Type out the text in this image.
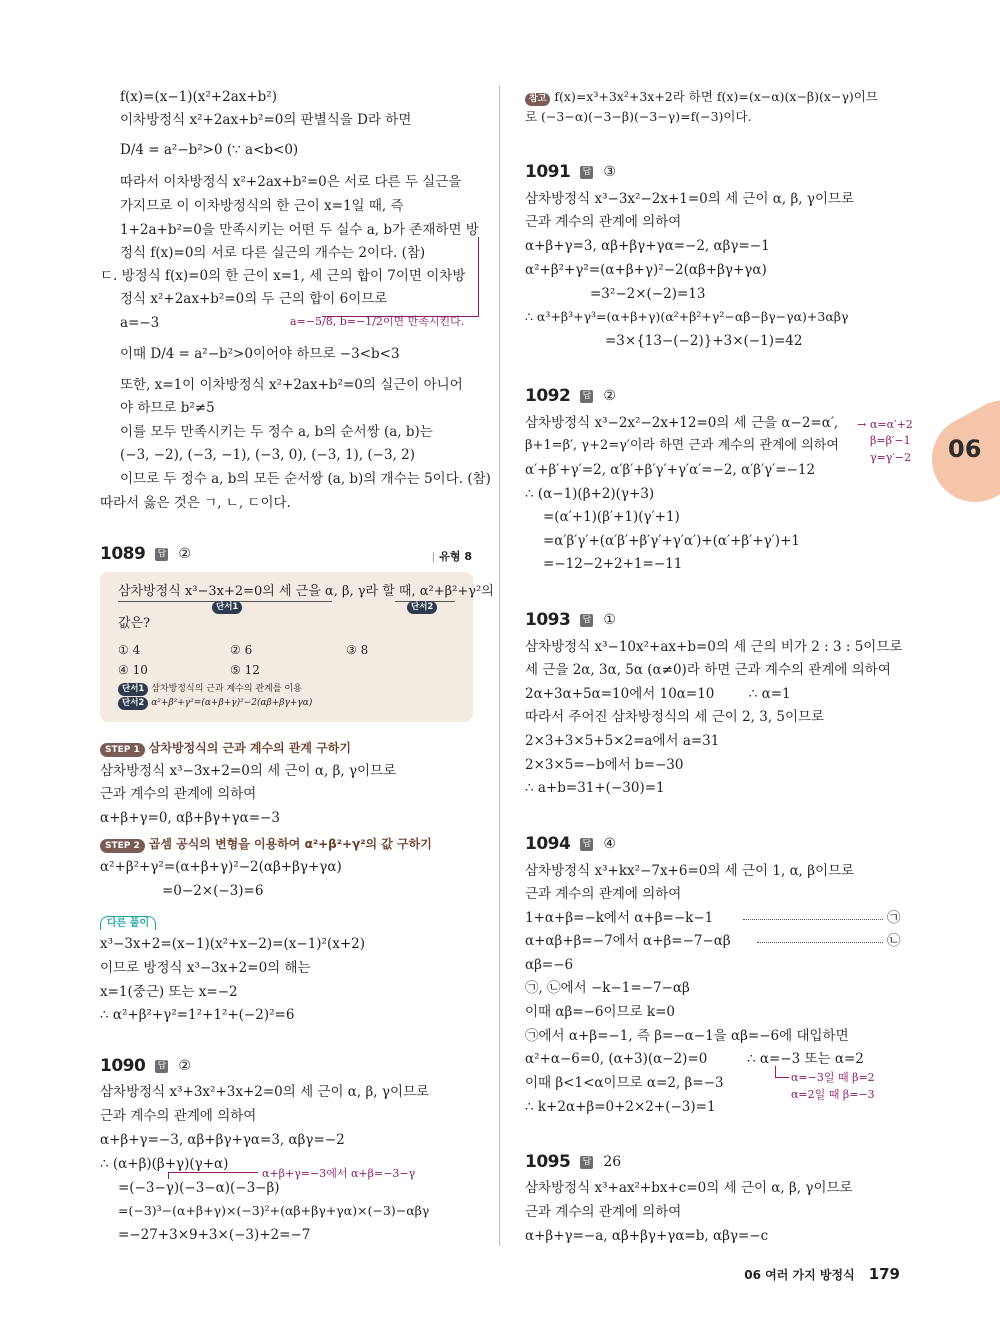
06
f(x)=(x−1)(x²+2ax+b²)
이차방정식 x²+2ax+b²=0의 판별식을 D라 하면
D/4 = a²−b²>0 (∵ a<b<0)
따라서 이차방정식 x²+2ax+b²=0은 서로 다른 두 실근을
가지므로 이 이차방정식의 한 근이 x=1일 때, 즉
1+2a+b²=0을 만족시키는 어떤 두 실수 a, b가 존재하면 방
정식 f(x)=0의 서로 다른 실근의 개수는 2이다. (참)
ㄷ. 방정식 f(x)=0의 한 근이 x=1, 세 근의 합이 7이면 이차방
정식 x²+2ax+b²=0의 두 근의 합이 6이므로
a=−3	a=−5/8, b=−1/2이면 만족시킨다.
이때 D/4 = a²−b²>0이어야 하므로 −3<b<3
또한, x=1이 이차방정식 x²+2ax+b²=0의 실근이 아니어
야 하므로 b²≠5
이를 모두 만족시키는 두 정수 a, b의 순서쌍 (a, b)는
(−3, −2), (−3, −1), (−3, 0), (−3, 1), (−3, 2)
이므로 두 정수 a, b의 모든 순서쌍 (a, b)의 개수는 5이다. (참)
따라서 옳은 것은 ㄱ, ㄴ, ㄷ이다.
1089 답 ②	| 유형 8
삼차방정식 x³−3x+2=0의 세 근을 α, β, γ라 할 때, α²+β²+γ²의
단서1	단서2
값은?
① 4	② 6	③ 8
④ 10	⑤ 12
단서1 삼차방정식의 근과 계수의 관계를 이용
단서2 α²+β²+γ²=(α+β+γ)²−2(αβ+βγ+γα)
STEP 1 삼차방정식의 근과 계수의 관계 구하기
삼차방정식 x³−3x+2=0의 세 근이 α, β, γ이므로
근과 계수의 관계에 의하여
α+β+γ=0, αβ+βγ+γα=−3
STEP 2 곱셈 공식의 변형을 이용하여 α²+β²+γ²의 값 구하기
α²+β²+γ²=(α+β+γ)²−2(αβ+βγ+γα)
=0−2×(−3)=6
다른 풀이
x³−3x+2=(x−1)(x²+x−2)=(x−1)²(x+2)
이므로 방정식 x³−3x+2=0의 해는
x=1(중근) 또는 x=−2
∴ α²+β²+γ²=1²+1²+(−2)²=6
1090 답 ②
삼차방정식 x³+3x²+3x+2=0의 세 근이 α, β, γ이므로
근과 계수의 관계에 의하여
α+β+γ=−3, αβ+βγ+γα=3, αβγ=−2
∴ (α+β)(β+γ)(γ+α)
α+β+γ=−3에서 α+β=−3−γ
=(−3−γ)(−3−α)(−3−β)
=(−3)³−(α+β+γ)×(−3)²+(αβ+βγ+γα)×(−3)−αβγ
=−27+3×9+3×(−3)+2=−7
참고 f(x)=x³+3x²+3x+2라 하면 f(x)=(x−α)(x−β)(x−γ)이므
로 (−3−α)(−3−β)(−3−γ)=f(−3)이다.
1091 답 ③
삼차방정식 x³−3x²−2x+1=0의 세 근이 α, β, γ이므로
근과 계수의 관계에 의하여
α+β+γ=3, αβ+βγ+γα=−2, αβγ=−1
α²+β²+γ²=(α+β+γ)²−2(αβ+βγ+γα)
=3²−2×(−2)=13
∴ α³+β³+γ³=(α+β+γ)(α²+β²+γ²−αβ−βγ−γα)+3αβγ
=3×{13−(−2)}+3×(−1)=42
1092 답 ②
삼차방정식 x³−2x²−2x+12=0의 세 근을 α−2=α′,
β+1=β′, γ+2=γ′이라 하면 근과 계수의 관계에 의하여
α′+β′+γ′=2, α′β′+β′γ′+γ′α′=−2, α′β′γ′=−12
∴ (α−1)(β+2)(γ+3)
=(α′+1)(β′+1)(γ′+1)
=α′β′γ′+(α′β′+β′γ′+γ′α′)+(α′+β′+γ′)+1
=−12−2+2+1=−11
→ α=α′+2
β=β′−1
γ=γ′−2
1093 답 ①
삼차방정식 x³−10x²+ax+b=0의 세 근의 비가 2 : 3 : 5이므로
세 근을 2α, 3α, 5α (α≠0)라 하면 근과 계수의 관계에 의하여
2α+3α+5α=10에서 10α=10        ∴ α=1
따라서 주어진 삼차방정식의 세 근이 2, 3, 5이므로
2×3+3×5+5×2=a에서 a=31
2×3×5=−b에서 b=−30
∴ a+b=31+(−30)=1
1094 답 ④
삼차방정식 x³+kx²−7x+6=0의 세 근이 1, α, β이므로
근과 계수의 관계에 의하여
1+α+β=−k에서 α+β=−k−1	㉠
α+αβ+β=−7에서 α+β=−7−αβ	㉡
αβ=−6
㉠, ㉡에서 −k−1=−7−αβ
이때 αβ=−6이므로 k=0
㉠에서 α+β=−1, 즉 β=−α−1을 αβ=−6에 대입하면
α²+α−6=0, (α+3)(α−2)=0	∴ α=−3 또는 α=2
α=−3일 때 β=2
α=2일 때 β=−3
이때 β<1<α이므로 α=2, β=−3
∴ k+2α+β=0+2×2+(−3)=1
1095 답 26
삼차방정식 x³+ax²+bx+c=0의 세 근이 α, β, γ이므로
근과 계수의 관계에 의하여
α+β+γ=−a, αβ+βγ+γα=b, αβγ=−c
06 여러 가지 방정식 179
